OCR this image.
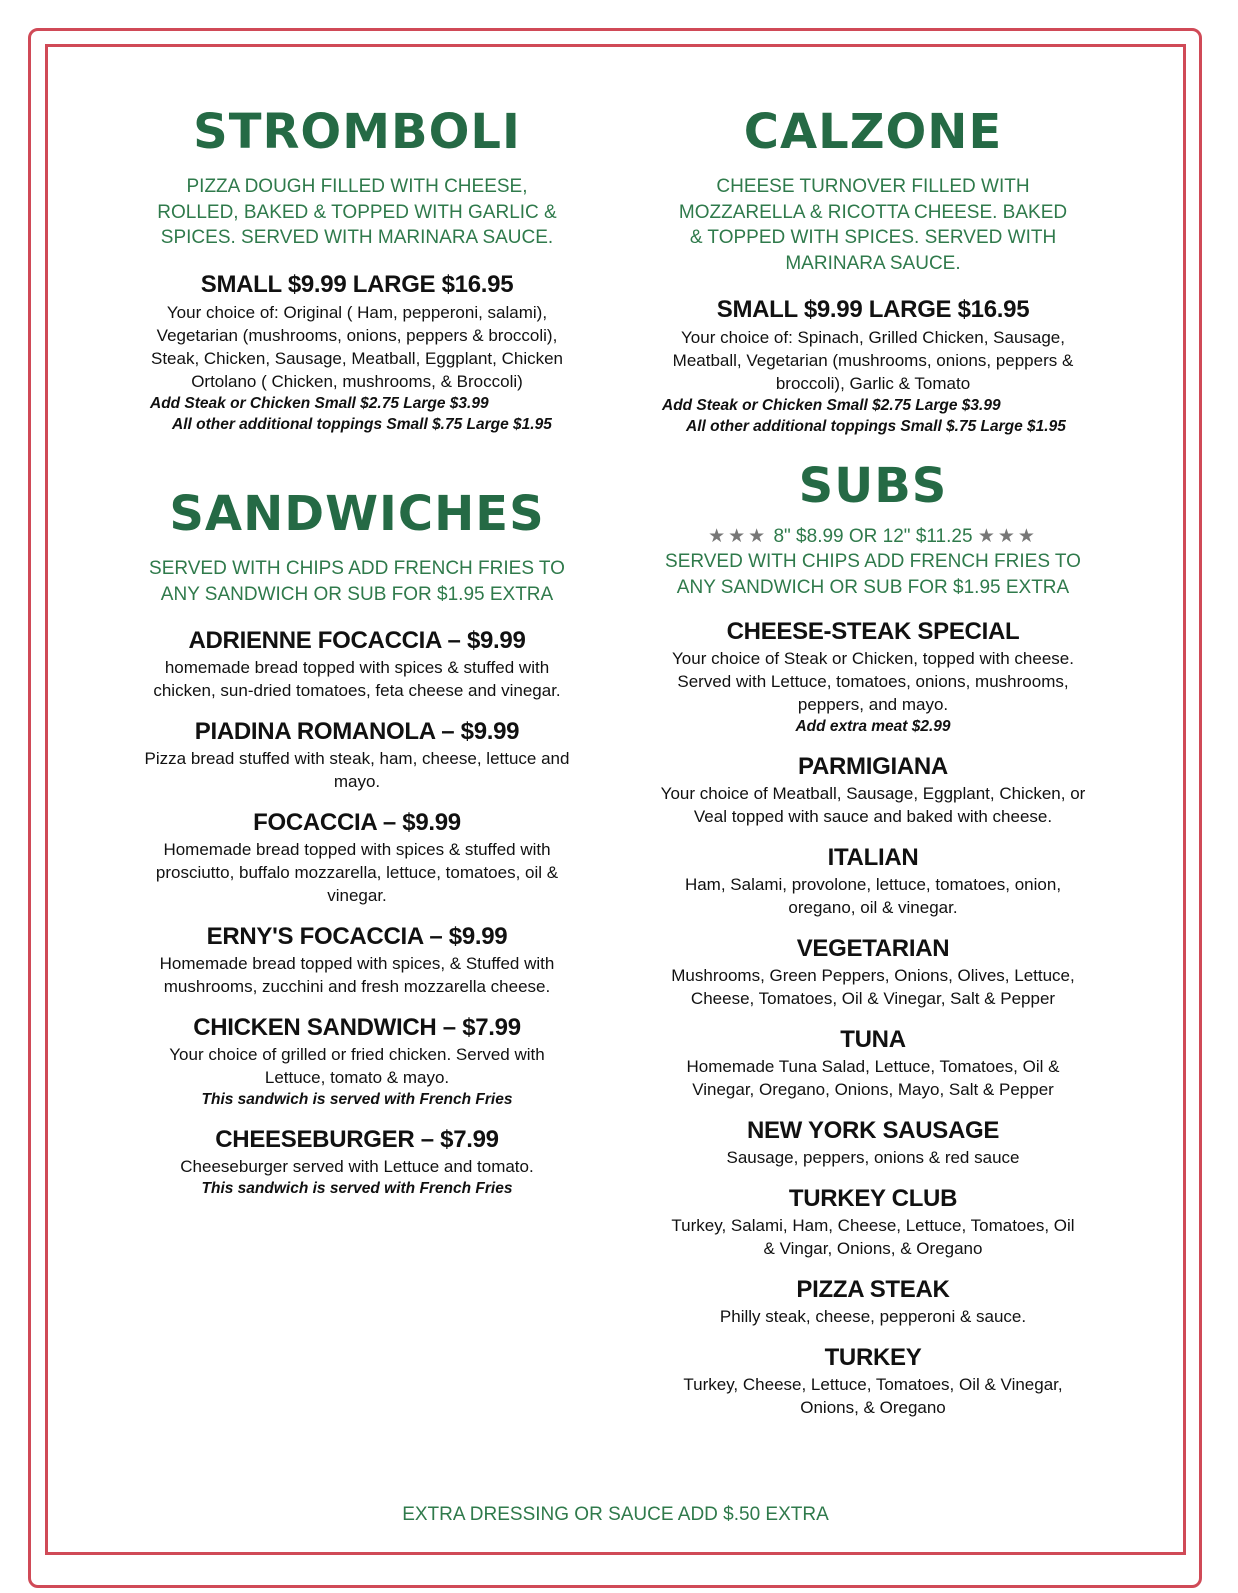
STROMBOLI

PIZZA DOUGH FILLED WITH CHEESE, ROLLED, BAKED & TOPPED WITH GARLIC & SPICES. SERVED WITH MARINARA SAUCE.

SMALL $9.99 LARGE $16.95

Your choice of: Original ( Ham, pepperoni, salami), Vegetarian (mushrooms, onions, peppers & broccoli), Steak, Chicken, Sausage, Meatball, Eggplant, Chicken Ortolano ( Chicken, mushrooms, & Broccoli)

Add Steak or Chicken Small $2.75 Large $3.99

All other additional toppings Small $.75 Large $1.95

CALZONE

CHEESE TURNOVER FILLED WITH MOZZARELLA & RICOTTA CHEESE. BAKED & TOPPED WITH SPICES. SERVED WITH MARINARA SAUCE.

SMALL $9.99 LARGE $16.95

Your choice of: Spinach, Grilled Chicken, Sausage, Meatball, Vegetarian (mushrooms, onions, peppers & broccoli), Garlic & Tomato

Add Steak or Chicken Small $2.75 Large $3.99

All other additional toppings Small $.75 Large $1.95

SANDWICHES

SERVED WITH CHIPS ADD FRENCH FRIES TO ANY SANDWICH OR SUB FOR $1.95 EXTRA

ADRIENNE FOCACCIA – $9.99

homemade bread topped with spices & stuffed with chicken, sun-dried tomatoes, feta cheese and vinegar.

PIADINA ROMANOLA – $9.99

Pizza bread stuffed with steak, ham, cheese, lettuce and mayo.

FOCACCIA – $9.99

Homemade bread topped with spices & stuffed with prosciutto, buffalo mozzarella, lettuce, tomatoes, oil & vinegar.

ERNY'S FOCACCIA – $9.99

Homemade bread topped with spices, & Stuffed with mushrooms, zucchini and fresh mozzarella cheese.

CHICKEN SANDWICH – $7.99

Your choice of grilled or fried chicken. Served with Lettuce, tomato & mayo.

This sandwich is served with French Fries

CHEESEBURGER – $7.99

Cheeseburger served with Lettuce and tomato.

This sandwich is served with French Fries

SUBS

★★★ 8" $8.99 OR 12" $11.25 ★★★

SERVED WITH CHIPS ADD FRENCH FRIES TO ANY SANDWICH OR SUB FOR $1.95 EXTRA

CHEESE-STEAK SPECIAL

Your choice of Steak or Chicken, topped with cheese. Served with Lettuce, tomatoes, onions, mushrooms, peppers, and mayo.

Add extra meat $2.99

PARMIGIANA

Your choice of Meatball, Sausage, Eggplant, Chicken, or Veal topped with sauce and baked with cheese.

ITALIAN

Ham, Salami, provolone, lettuce, tomatoes, onion, oregano, oil & vinegar.

VEGETARIAN

Mushrooms, Green Peppers, Onions, Olives, Lettuce, Cheese, Tomatoes, Oil & Vinegar, Salt & Pepper

TUNA

Homemade Tuna Salad, Lettuce, Tomatoes, Oil & Vinegar, Oregano, Onions, Mayo, Salt & Pepper

NEW YORK SAUSAGE

Sausage, peppers, onions & red sauce

TURKEY CLUB

Turkey, Salami, Ham, Cheese, Lettuce, Tomatoes, Oil & Vingar, Onions, & Oregano

PIZZA STEAK

Philly steak, cheese, pepperoni & sauce.

TURKEY

Turkey, Cheese, Lettuce, Tomatoes, Oil & Vinegar, Onions, & Oregano

EXTRA DRESSING OR SAUCE ADD $.50 EXTRA
